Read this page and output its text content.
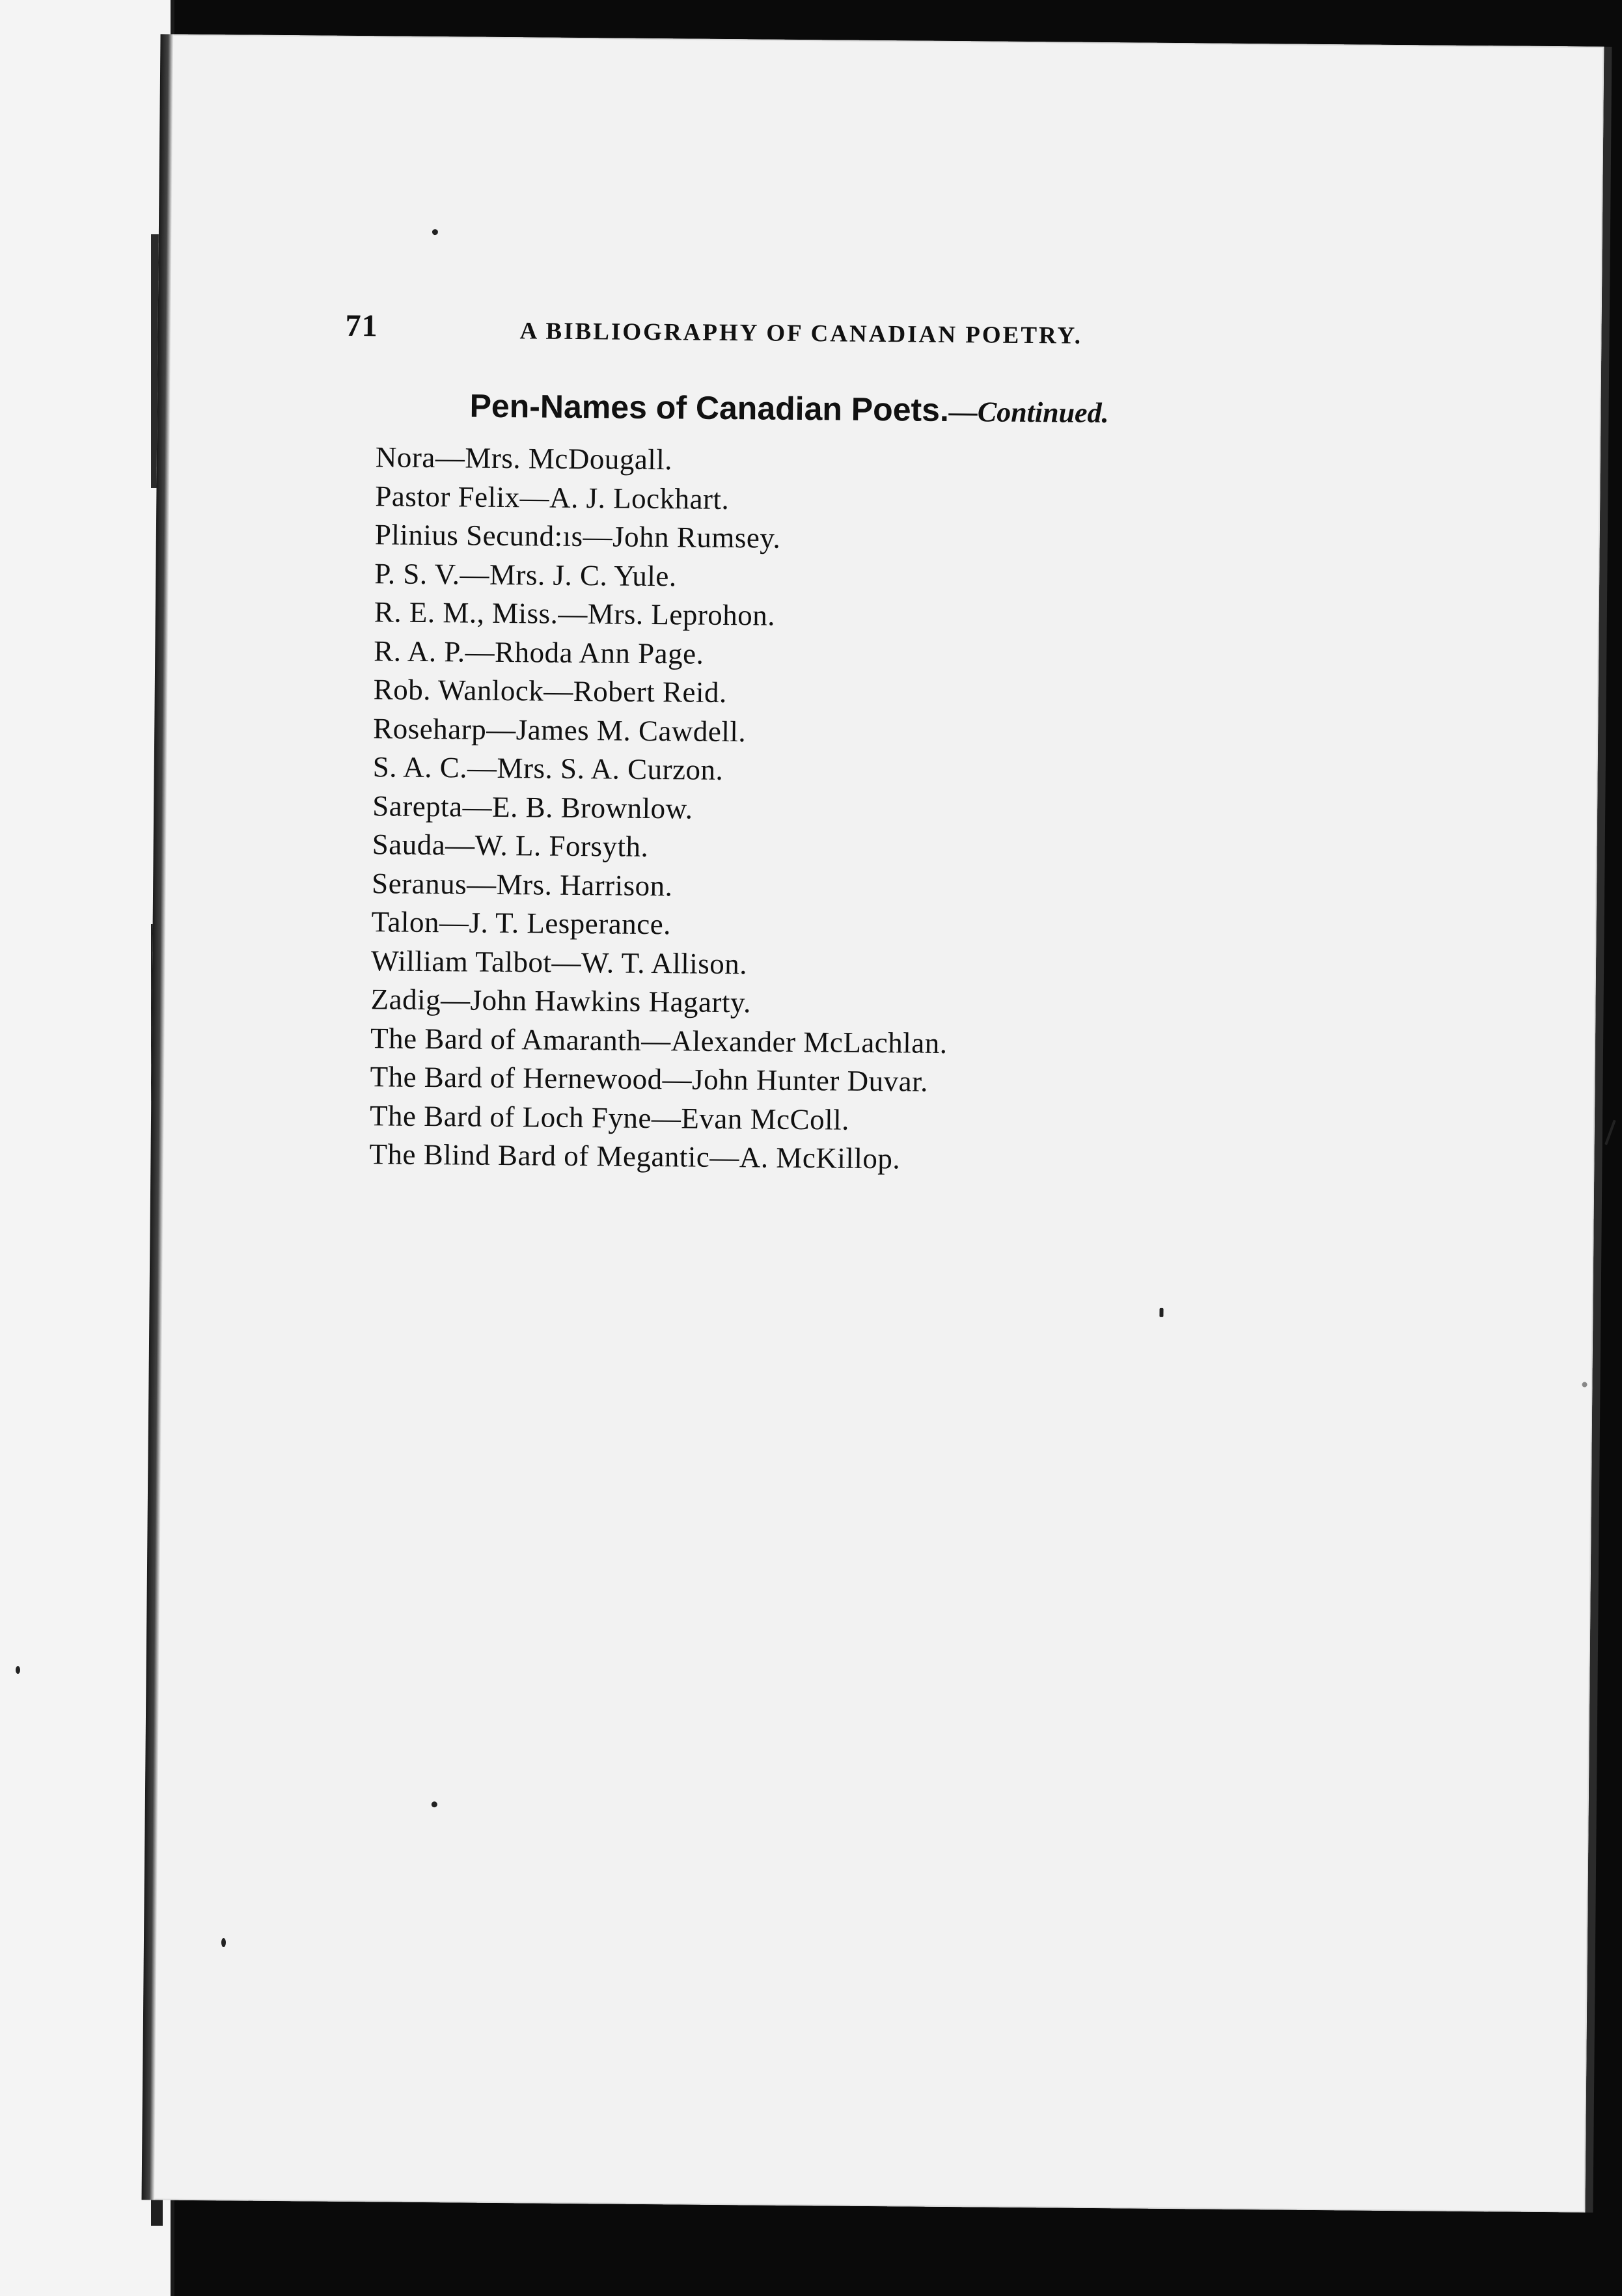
71	A BIBLIOGRAPHY OF CANADIAN POETRY.
Pen-Names of Canadian Poets.—Continued.
Nora—Mrs. McDougall.
Pastor Felix—A. J. Lockhart.
Plinius Secund:ıs—John Rumsey.
P. S. V.—Mrs. J. C. Yule.
R. E. M., Miss.—Mrs. Leprohon.
R. A. P.—Rhoda Ann Page.
Rob. Wanlock—Robert Reid.
Roseharp—James M. Cawdell.
S. A. C.—Mrs. S. A. Curzon.
Sarepta—E. B. Brownlow.
Sauda—W. L. Forsyth.
Seranus—Mrs. Harrison.
Talon—J. T. Lesperance.
William Talbot—W. T. Allison.
Zadig—John Hawkins Hagarty.
The Bard of Amaranth—Alexander McLachlan.
The Bard of Hernewood—John Hunter Duvar.
The Bard of Loch Fyne—Evan McColl.
The Blind Bard of Megantic—A. McKillop.
